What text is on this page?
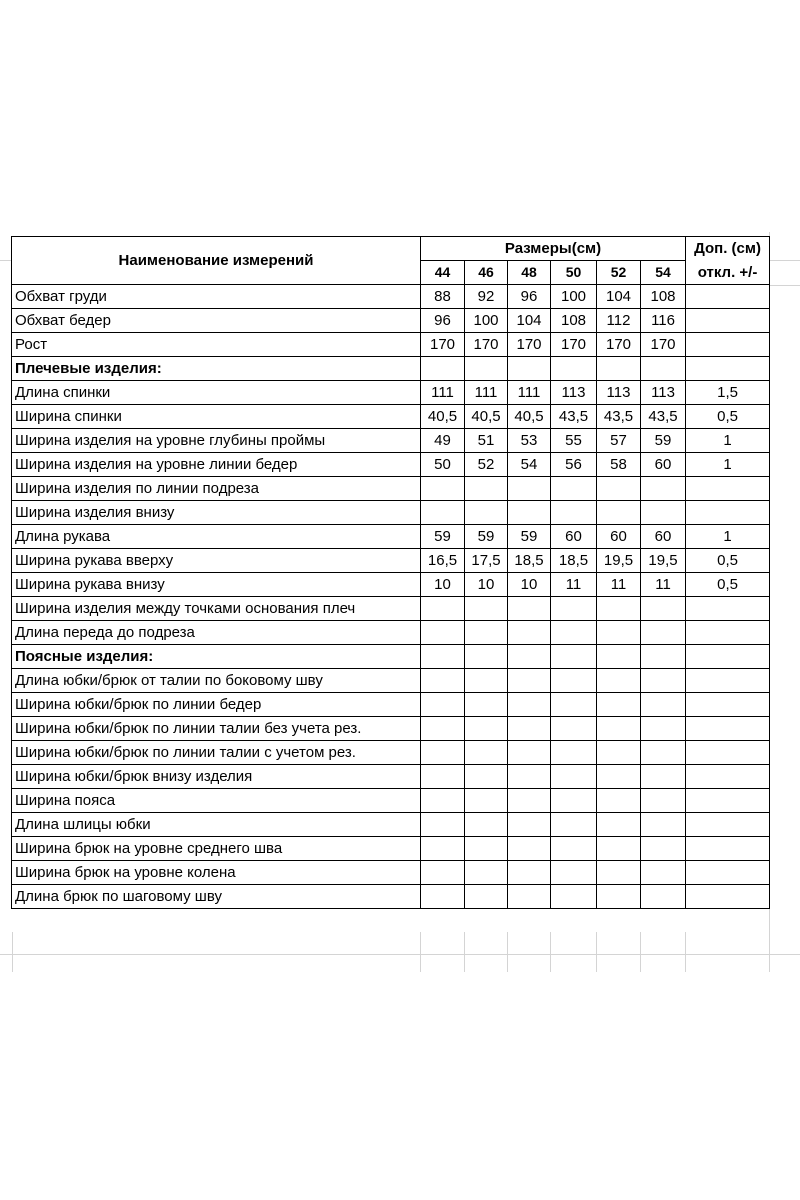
Наименование измерений	Размеры(см)						Доп. (см)
	44	46	48	50	52	54	откл. +/-
Обхват груди	88	92	96	100	104	108	
Обхват бедер	96	100	104	108	112	116	
Рост	170	170	170	170	170	170	
Плечевые изделия:							
Длина спинки	111	111	111	113	113	113	1,5
Ширина спинки	40,5	40,5	40,5	43,5	43,5	43,5	0,5
Ширина изделия на уровне глубины проймы	49	51	53	55	57	59	1
Ширина изделия на уровне линии бедер	50	52	54	56	58	60	1
Ширина изделия по линии подреза							
Ширина изделия внизу							
Длина рукава	59	59	59	60	60	60	1
Ширина рукава вверху	16,5	17,5	18,5	18,5	19,5	19,5	0,5
Ширина рукава внизу	10	10	10	11	11	11	0,5
Ширина изделия между точками основания плеч							
Длина переда до подреза							
Поясные изделия:							
Длина юбки/брюк от талии по боковому шву							
Ширина юбки/брюк по линии бедер							
Ширина юбки/брюк по линии талии без учета рез.							
Ширина юбки/брюк по линии талии с учетом рез.							
Ширина юбки/брюк внизу изделия							
Ширина пояса							
Длина шлицы юбки							
Ширина брюк на уровне среднего шва							
Ширина брюк на уровне колена							
Длина брюк по шаговому шву							
